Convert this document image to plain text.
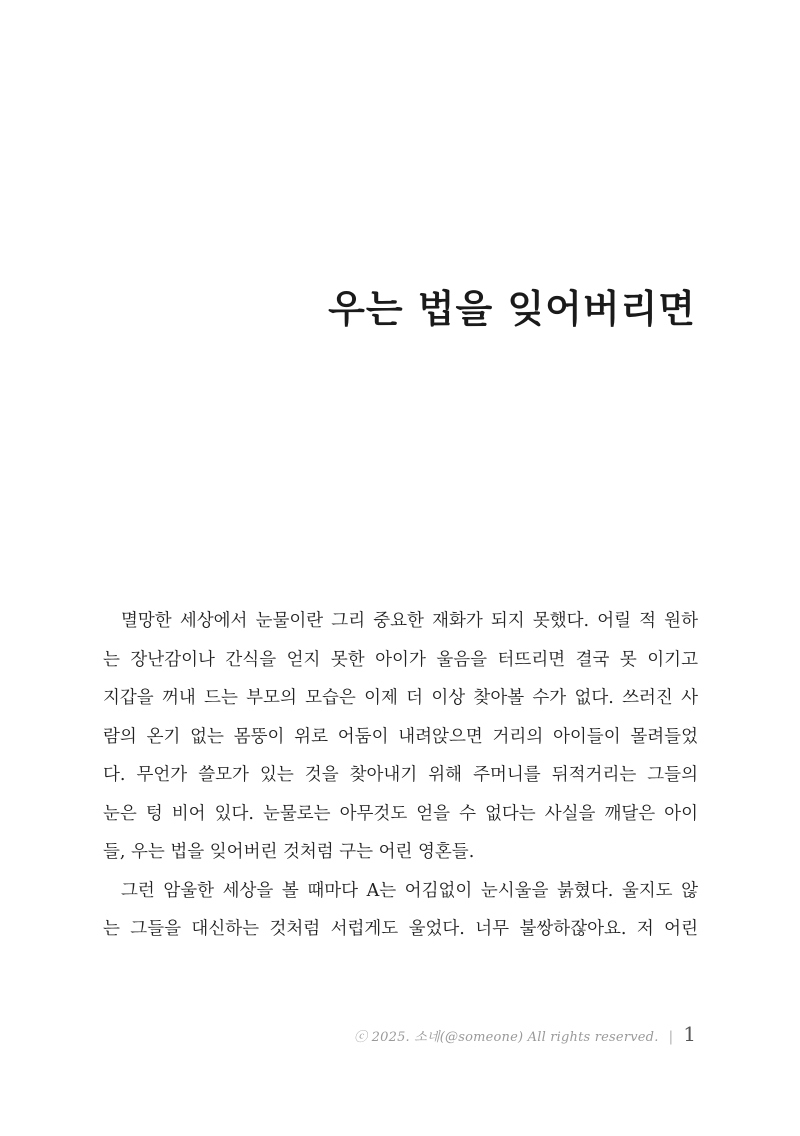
우는 법을 잊어버리면
멸망한 세상에서 눈물이란 그리 중요한 재화가 되지 못했다. 어릴 적 원하
는 장난감이나 간식을 얻지 못한 아이가 울음을 터뜨리면 결국 못 이기고
지갑을 꺼내 드는 부모의 모습은 이제 더 이상 찾아볼 수가 없다. 쓰러진 사
람의 온기 없는 몸뚱이 위로 어둠이 내려앉으면 거리의 아이들이 몰려들었
다. 무언가 쓸모가 있는 것을 찾아내기 위해 주머니를 뒤적거리는 그들의
눈은 텅 비어 있다. 눈물로는 아무것도 얻을 수 없다는 사실을 깨달은 아이
들, 우는 법을 잊어버린 것처럼 구는 어린 영혼들.
그런 암울한 세상을 볼 때마다 A는 어김없이 눈시울을 붉혔다. 울지도 않
는 그들을 대신하는 것처럼 서럽게도 울었다. 너무 불쌍하잖아요. 저 어린
ⓒ 2025. 소네(@someone) All rights reserved. | 1
